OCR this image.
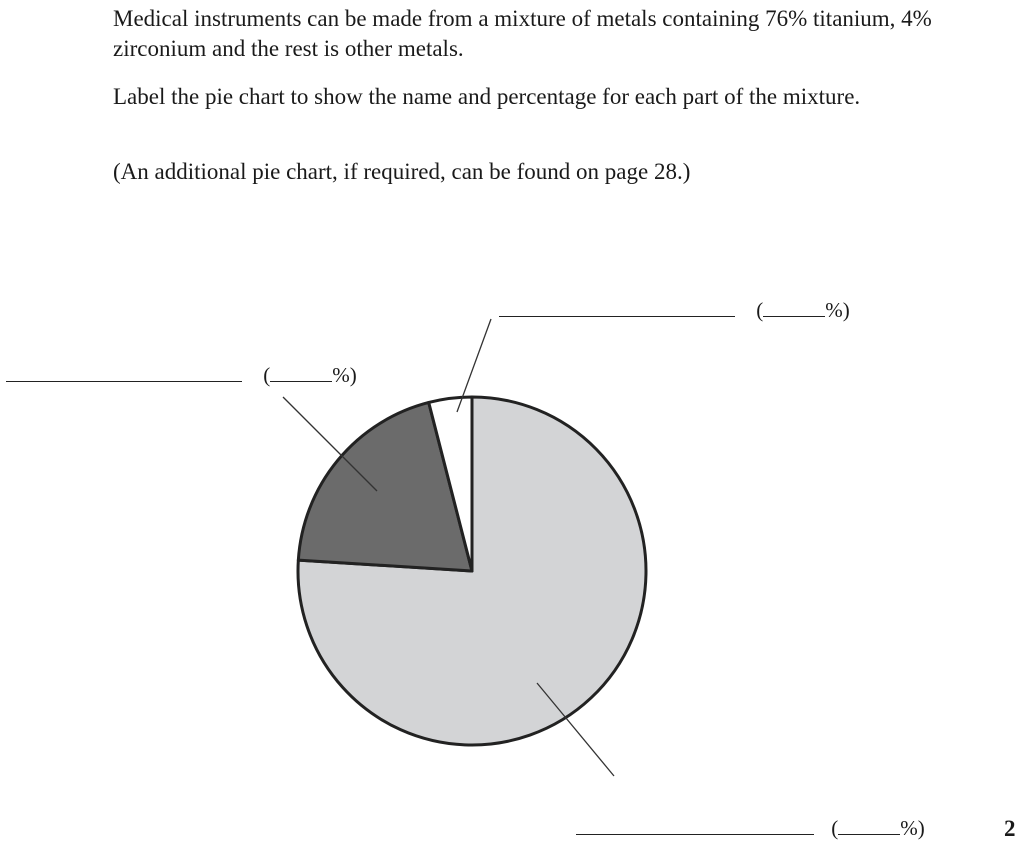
Medical instruments can be made from a mixture of metals containing 76% titanium, 4% zirconium and the rest is other metals.

Label the pie chart to show the name and percentage for each part of the mixture.

(An additional pie chart, if required, can be found on page 28.)

(	%)
(	%)
(	%)	2
